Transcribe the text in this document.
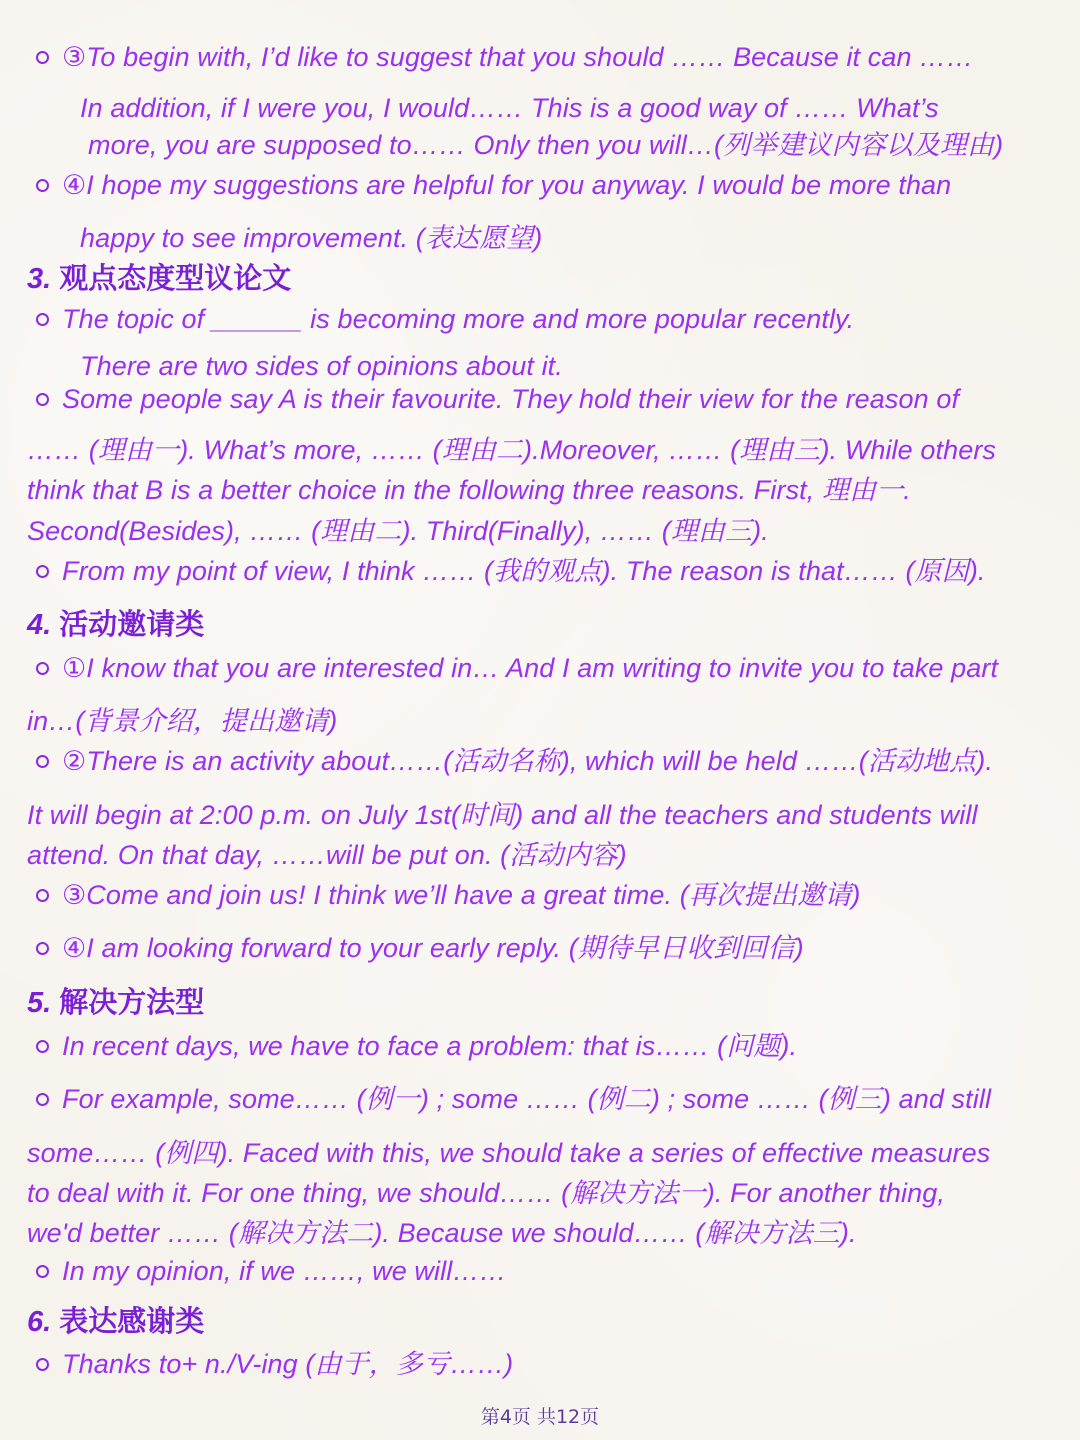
③To begin with, I’d like to suggest that you should …… Because it can ……
In addition, if I were you, I would…… This is a good way of …… What’s
more, you are supposed to…… Only then you will…(列举建议内容以及理由)
④I hope my suggestions are helpful for you anyway. I would be more than
happy to see improvement. (表达愿望)
3. 观点态度型议论文
The topic of ______ is becoming more and more popular recently.
There are two sides of opinions about it.
Some people say A is their favourite. They hold their view for the reason of
…… (理由一). What’s more, …… (理由二).Moreover, …… (理由三). While others
think that B is a better choice in the following three reasons. First, 理由一.
Second(Besides), …… (理由二). Third(Finally), …… (理由三).
From my point of view, I think …… (我的观点). The reason is that…… (原因).
4. 活动邀请类
①I know that you are interested in… And I am writing to invite you to take part
in…(背景介绍，提出邀请)
②There is an activity about……(活动名称), which will be held ……(活动地点).
It will begin at 2:00 p.m. on July 1st(时间) and all the teachers and students will
attend. On that day, ……will be put on. (活动内容)
③Come and join us! I think we’ll have a great time. (再次提出邀请)
④I am looking forward to your early reply. (期待早日收到回信)
5. 解决方法型
In recent days, we have to face a problem: that is…… (问题).
For example, some…… (例一) ; some …… (例二) ; some …… (例三) and still
some…… (例四). Faced with this, we should take a series of effective measures
to deal with it. For one thing, we should…… (解决方法一). For another thing,
we'd better …… (解决方法二). Because we should…… (解决方法三).
In my opinion, if we ……, we will……
6. 表达感谢类
Thanks to+ n./V-ing (由于，多亏……)
第4页 共12页
